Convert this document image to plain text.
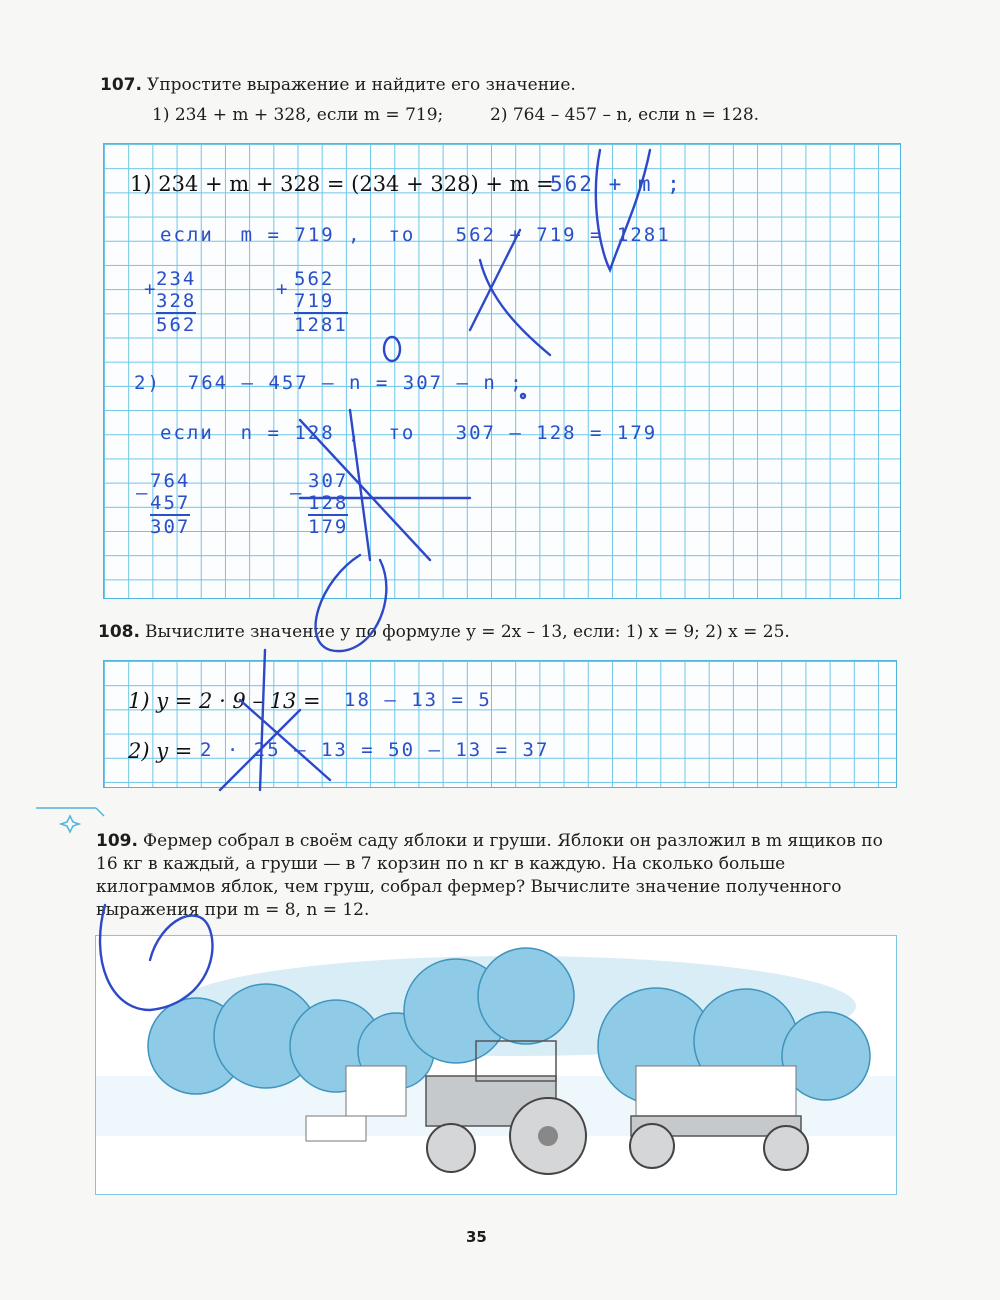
107. Упростите выражение и найдите его значение.
1) 234 + m + 328, если m = 719;	2) 764 – 457 – n, если n = 128.
1) 234 + m + 328 = (234 + 328) + m =
562 + m ;
если  m = 719 ,  то   562 + 719 = 1281
+
234
328
562
+ 562
719
1281
2)  764 – 457 – n = 307 – n ;
если  n = 128 ,  то   307 – 128 = 179
–
764
457
307
–
307
128
179
108. Вычислите значение y по формуле y = 2x – 13, если: 1) x = 9; 2) x = 25.
1) y = 2 · 9 – 13 = 18 – 13 = 5
2) y = 2 · 25 – 13 = 50 – 13 = 37
109. Фермер собрал в своём саду яблоки и груши. Яблоки он разложил в m ящиков по 16 кг в каждый, а груши — в 7 корзин по n кг в каждую. На сколько больше килограммов яблок, чем груш, собрал фермер? Вычислите значение полученного выражения при m = 8, n = 12.
35
